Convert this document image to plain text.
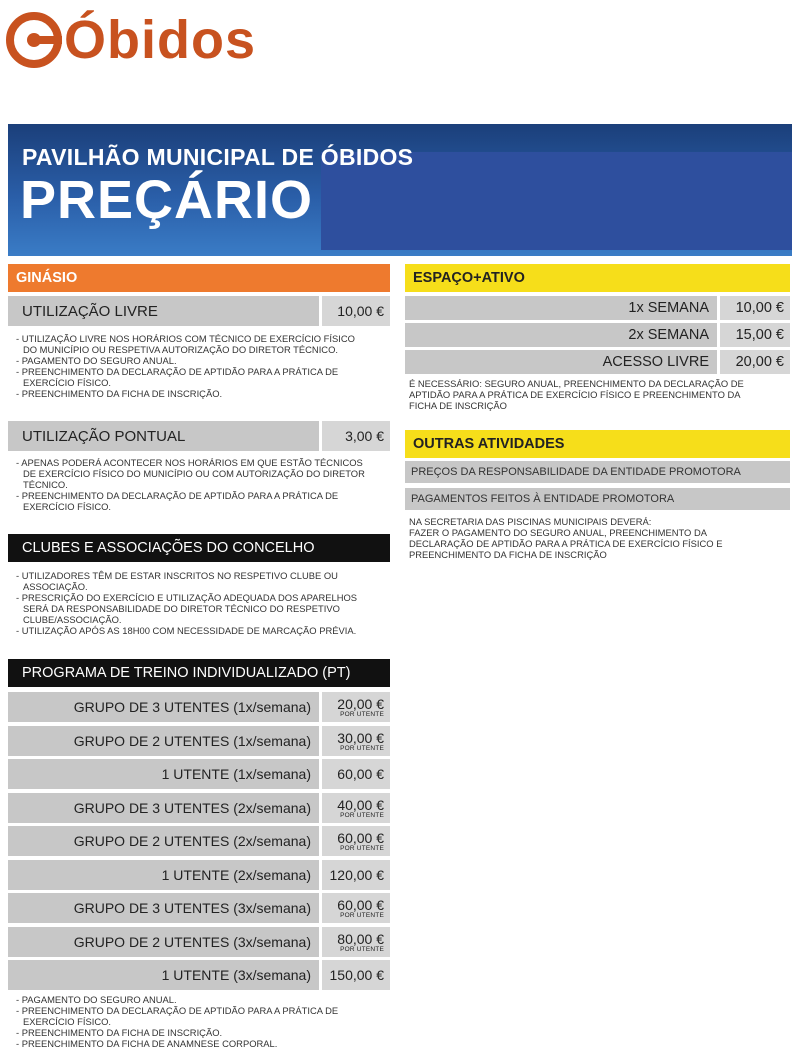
Óbidos
PAVILHÃO MUNICIPAL DE ÓBIDOS
PREÇÁRIO
GINÁSIO
UTILIZAÇÃO LIVRE	10,00 €
- UTILIZAÇÃO LIVRE NOS HORÁRIOS COM TÉCNICO DE EXERCÍCIO FÍSICO
DO MUNICÍPIO OU RESPETIVA AUTORIZAÇÃO DO DIRETOR TÉCNICO.
- PAGAMENTO DO SEGURO ANUAL.
- PREENCHIMENTO DA DECLARAÇÃO DE APTIDÃO PARA A PRÁTICA DE
EXERCÍCIO FÍSICO.
- PREENCHIMENTO DA FICHA DE INSCRIÇÃO.
UTILIZAÇÃO PONTUAL	3,00 €
- APENAS PODERÁ ACONTECER NOS HORÁRIOS EM QUE ESTÃO TÉCNICOS
DE EXERCÍCIO FÍSICO DO MUNICÍPIO OU COM AUTORIZAÇÃO DO DIRETOR
TÉCNICO.
- PREENCHIMENTO DA DECLARAÇÃO DE APTIDÃO PARA A PRÁTICA DE
EXERCÍCIO FÍSICO.
CLUBES E ASSOCIAÇÕES DO CONCELHO
- UTILIZADORES TÊM DE ESTAR INSCRITOS NO RESPETIVO CLUBE OU
ASSOCIAÇÃO.
- PRESCRIÇÃO DO EXERCÍCIO E UTILIZAÇÃO ADEQUADA DOS APARELHOS
SERÁ DA RESPONSABILIDADE DO DIRETOR TÉCNICO DO RESPETIVO
CLUBE/ASSOCIAÇÃO.
- UTILIZAÇÃO APÓS AS 18H00 COM NECESSIDADE DE MARCAÇÃO PRÉVIA.
PROGRAMA DE TREINO INDIVIDUALIZADO (PT)
GRUPO DE 3 UTENTES (1x/semana)	20,00 €
POR UTENTE
GRUPO DE 2 UTENTES (1x/semana)	30,00 €
POR UTENTE
1 UTENTE (1x/semana)	60,00 €
GRUPO DE 3 UTENTES (2x/semana)	40,00 €
POR UTENTE
GRUPO DE 2 UTENTES (2x/semana)	60,00 €
POR UTENTE
1 UTENTE (2x/semana)	120,00 €
GRUPO DE 3 UTENTES (3x/semana)	60,00 €
POR UTENTE
GRUPO DE 2 UTENTES (3x/semana)	80,00 €
POR UTENTE
1 UTENTE (3x/semana)	150,00 €
- PAGAMENTO DO SEGURO ANUAL.
- PREENCHIMENTO DA DECLARAÇÃO DE APTIDÃO PARA A PRÁTICA DE
EXERCÍCIO FÍSICO.
- PREENCHIMENTO DA FICHA DE INSCRIÇÃO.
- PREENCHIMENTO DA FICHA DE ANAMNESE CORPORAL.
ESPAÇO+ATIVO
1x SEMANA	10,00 €
2x SEMANA	15,00 €
ACESSO LIVRE	20,00 €
É NECESSÁRIO: SEGURO ANUAL, PREENCHIMENTO DA DECLARAÇÃO DE
APTIDÃO PARA A PRÁTICA DE EXERCÍCIO FÍSICO E PREENCHIMENTO DA
FICHA DE INSCRIÇÃO
OUTRAS ATIVIDADES
PREÇOS DA RESPONSABILIDADE DA ENTIDADE PROMOTORA
PAGAMENTOS FEITOS À ENTIDADE PROMOTORA
NA SECRETARIA DAS PISCINAS MUNICIPAIS DEVERÁ:
FAZER O PAGAMENTO DO SEGURO ANUAL, PREENCHIMENTO DA
DECLARAÇÃO DE APTIDÃO PARA A PRÁTICA DE EXERCÍCIO FÍSICO E
PREENCHIMENTO DA FICHA DE INSCRIÇÃO
